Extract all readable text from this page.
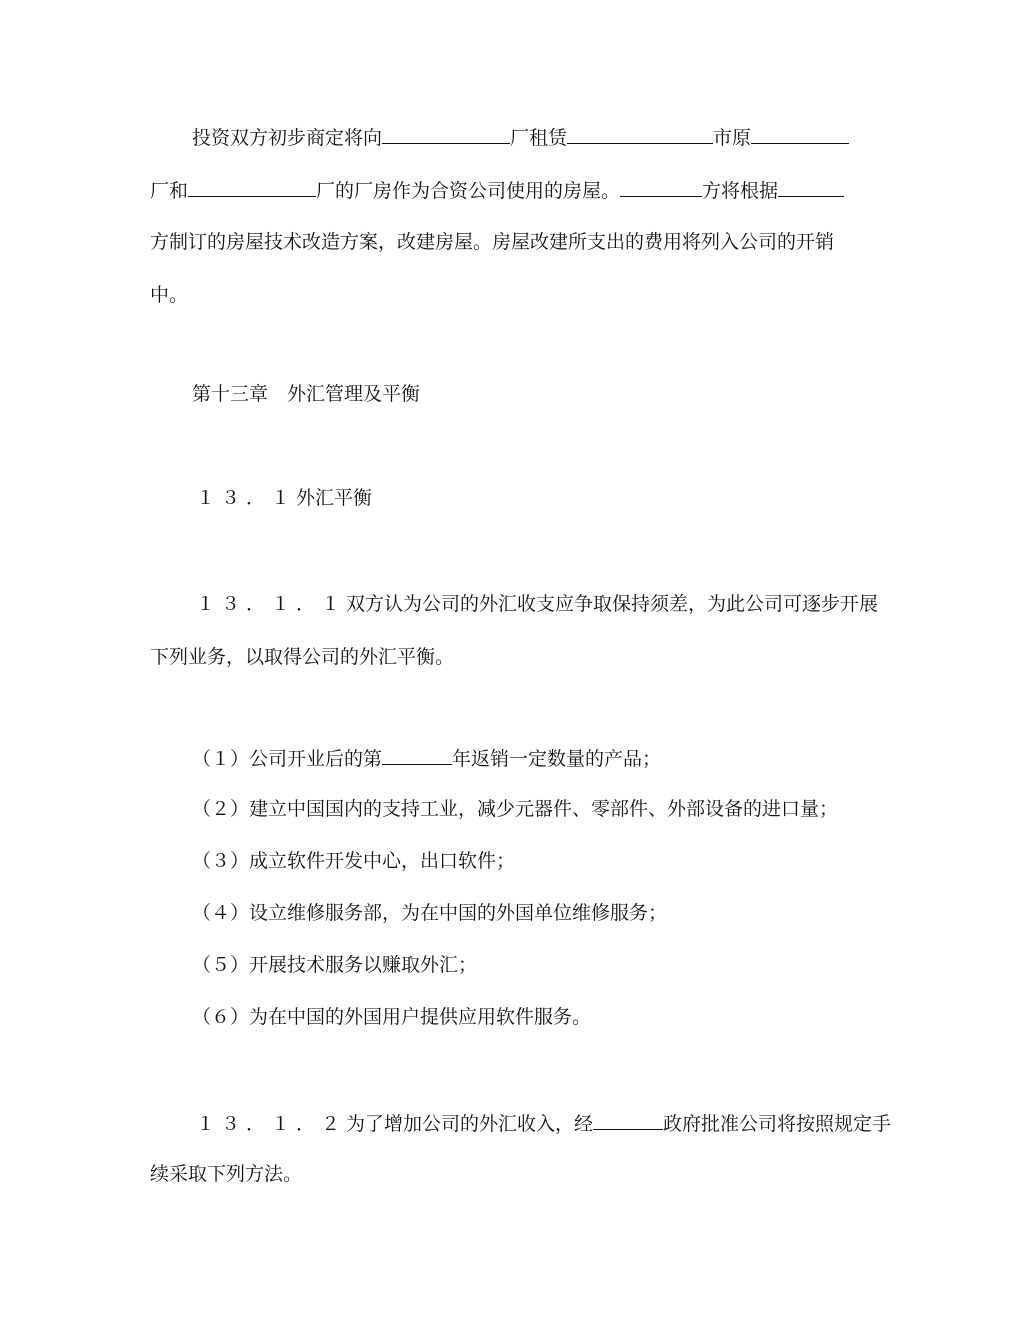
投资双方初步商定将向	厂租赁	市原
厂和	厂的厂房作为合资公司使用的房屋。	方将根据
方制订的房屋技术改造方案，改建房屋。房屋改建所支出的费用将列入公司的开销
中。
第十三章　外汇管理及平衡
１３．１外汇平衡
１３．１．１双方认为公司的外汇收支应争取保持须差，为此公司可逐步开展
下列业务，以取得公司的外汇平衡。
（１）公司开业后的第	年返销一定数量的产品；
（２）建立中国国内的支持工业，减少元器件、零部件、外部设备的进口量；
（３）成立软件开发中心，出口软件；
（４）设立维修服务部，为在中国的外国单位维修服务；
（５）开展技术服务以赚取外汇；
（６）为在中国的外国用户提供应用软件服务。
１３．１．２为了增加公司的外汇收入，经	政府批准公司将按照规定手
续采取下列方法。
